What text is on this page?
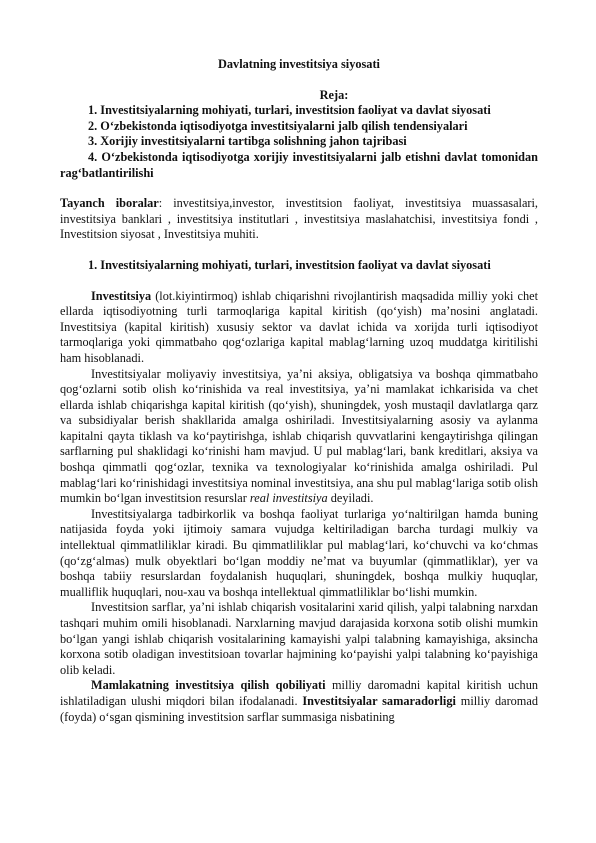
Davlatning investitsiya siyosati

Reja:

1. Investitsiyalarning mohiyati, turlari, investitsion faoliyat va davlat siyosati
2. O‘zbekistonda iqtisodiyotga investitsiyalarni jalb qilish tendensiyalari
3. Xorijiy investitsiyalarni tartibga solishning jahon tajribasi
4. O‘zbekistonda iqtisodiyotga xorijiy investitsiyalarni jalb etishni davlat tomonidan rag‘batlantirilishi

Tayanch iboralar: investitsiya,investor, investitsion faoliyat, investitsiya muassasalari, investitsiya banklari , investitsiya institutlari , investitsiya maslahatchisi, investitsiya fondi , Investitsion siyosat , Investitsiya muhiti.

1. Investitsiyalarning mohiyati, turlari, investitsion faoliyat va davlat siyosati

Investitsiya (lot.kiyintirmoq) ishlab chiqarishni rivojlantirish maqsadida milliy yoki chet ellarda iqtisodiyotning turli tarmoqlariga kapital kiritish (qo‘yish) ma’nosini anglatadi. Investitsiya (kapital kiritish) xususiy sektor va davlat ichida va xorijda turli iqtisodiyot tarmoqlariga yoki qimmatbaho qog‘ozlariga kapital mablag‘larning uzoq muddatga kiritilishi ham hisoblanadi.

Investitsiyalar moliyaviy investitsiya, ya’ni aksiya, obligatsiya va boshqa qimmatbaho qog‘ozlarni sotib olish ko‘rinishida va real investitsiya, ya’ni mamlakat ichkarisida va chet ellarda ishlab chiqarishga kapital kiritish (qo‘yish), shuningdek, yosh mustaqil davlatlarga qarz va subsidiyalar berish shakllarida amalga oshiriladi. Investitsiyalarning asosiy va aylanma kapitalni qayta tiklash va ko‘paytirishga, ishlab chiqarish quvvatlarini kengaytirishga qilingan sarflarning pul shaklidagi ko‘rinishi ham mavjud. U pul mablag‘lari, bank kreditlari, aksiya va boshqa qimmatli qog‘ozlar, texnika va texnologiyalar ko‘rinishida amalga oshiriladi. Pul mablag‘lari ko‘rinishidagi investitsiya nominal investitsiya, ana shu pul mablag‘lariga sotib olish mumkin bo‘lgan investitsion resurslar real investitsiya deyiladi.

Investitsiyalarga tadbirkorlik va boshqa faoliyat turlariga yo‘naltirilgan hamda buning natijasida foyda yoki ijtimoiy samara vujudga keltiriladigan barcha turdagi mulkiy va intellektual qimmatliliklar kiradi. Bu qimmatliliklar pul mablag‘lari, ko‘chuvchi va ko‘chmas (qo‘zg‘almas) mulk obyektlari bo‘lgan moddiy ne’mat va buyumlar (qimmatliklar), yer va boshqa tabiiy resurslardan foydalanish huquqlari, shuningdek, boshqa mulkiy huquqlar, mualliflik huquqlari, nou-xau va boshqa intellektual qimmatliliklar bo‘lishi mumkin.

Investitsion sarflar, ya’ni ishlab chiqarish vositalarini xarid qilish, yalpi talabning narxdan tashqari muhim omili hisoblanadi. Narxlarning mavjud darajasida korxona sotib olishi mumkin bo‘lgan yangi ishlab chiqarish vositalarining kamayishi yalpi talabning kamayishiga, aksincha korxona sotib oladigan investitsioan tovarlar hajmining ko‘payishi yalpi talabning ko‘payishiga olib keladi.

Mamlakatning investitsiya qilish qobiliyati milliy daromadni kapital kiritish uchun ishlatiladigan ulushi miqdori bilan ifodalanadi. Investitsiyalar samaradorligi milliy daromad (foyda) o‘sgan qismining investitsion sarflar summasiga nisbatining
